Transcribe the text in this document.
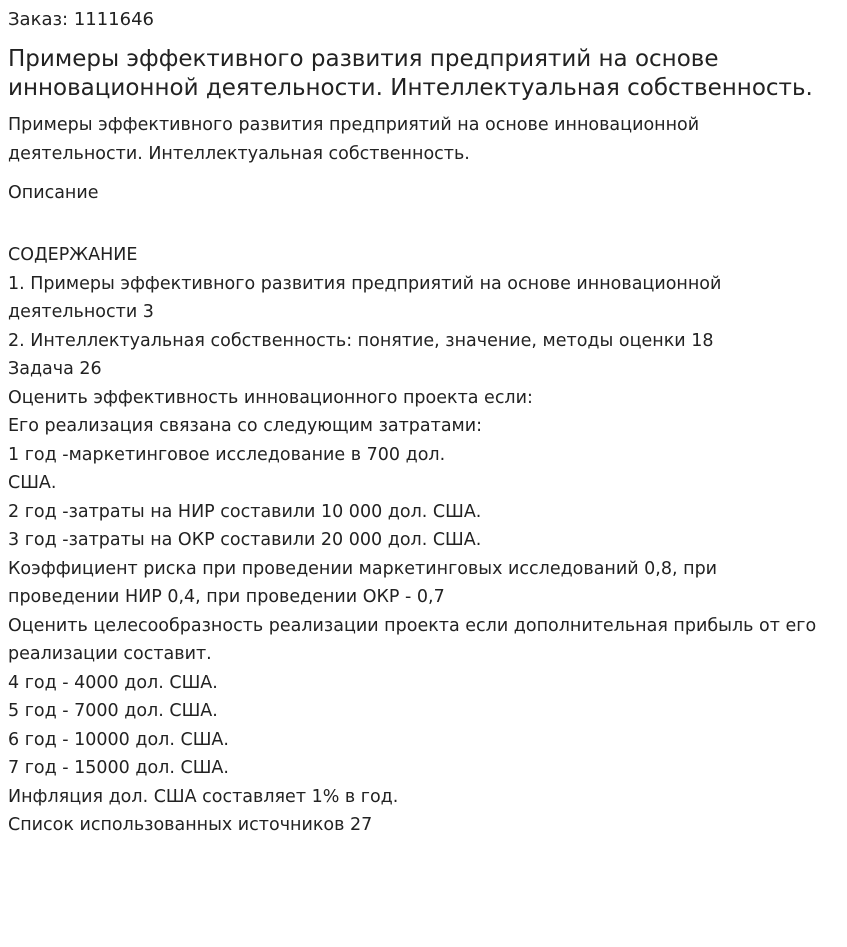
Заказ: 1111646
Примеры эффективного развития предприятий на основе инновационной деятельности. Интеллектуальная собственность.
Примеры эффективного развития предприятий на основе инновационной деятельности. Интеллектуальная собственность.
Описание
СОДЕРЖАНИЕ
1. Примеры эффективного развития предприятий на основе инновационной деятельности 3
2. Интеллектуальная собственность: понятие, значение, методы оценки 18
Задача 26
Оценить эффективность инновационного проекта если:
Его реализация связана со следующим затратами:
1 год -маркетинговое исследование в 700 дол.
США.
2 год -затраты на НИР составили 10 000 дол. США.
3 год -затраты на ОКР составили 20 000 дол. США.
Коэффициент риска при проведении маркетинговых исследований 0,8, при проведении НИР 0,4, при проведении ОКР - 0,7
Оценить целесообразность реализации проекта если дополнительная прибыль от его реализации составит.
4 год - 4000 дол. США.
5 год - 7000 дол. США.
6 год - 10000 дол. США.
7 год - 15000 дол. США.
Инфляция дол. США составляет 1% в год.
Список использованных источников 27
